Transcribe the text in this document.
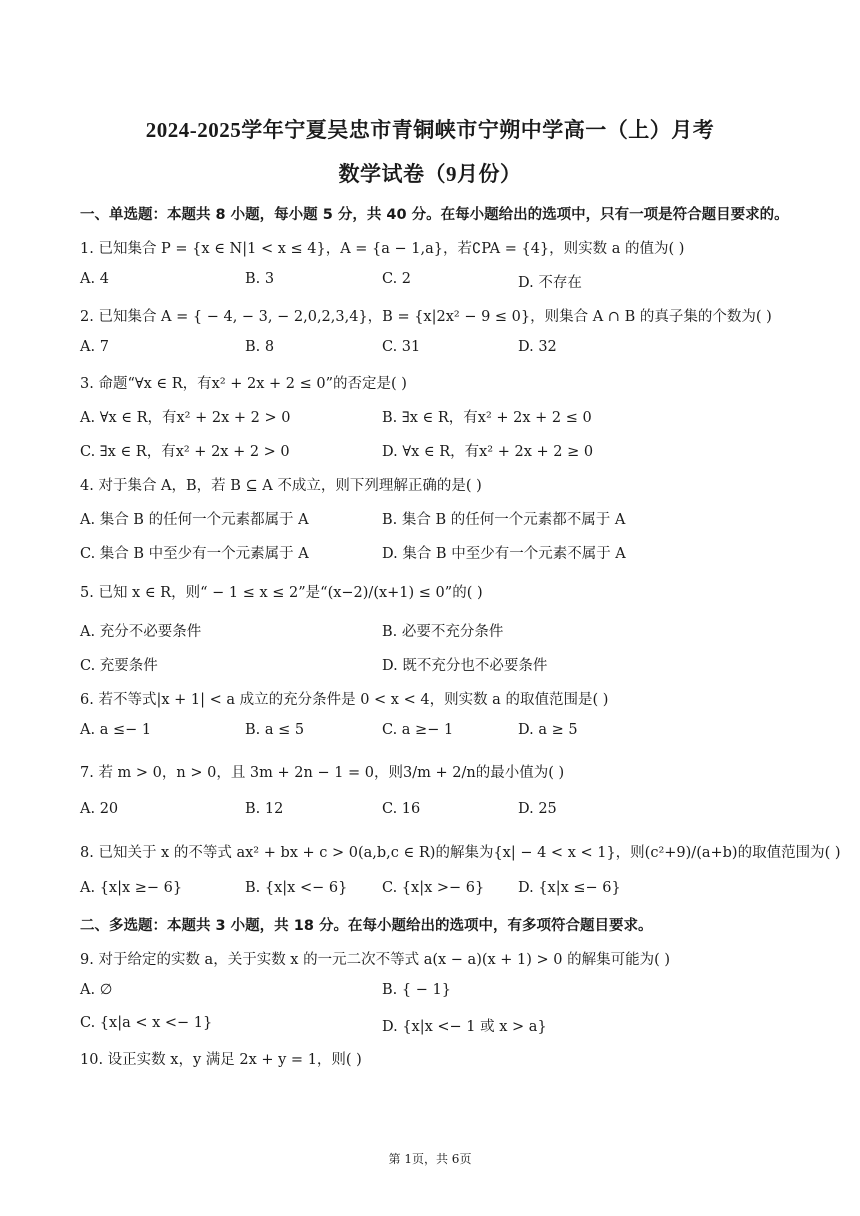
2024-2025学年宁夏吴忠市青铜峡市宁朔中学高一（上）月考
数学试卷（9月份）
一、单选题：本题共 8 小题，每小题 5 分，共 40 分。在每小题给出的选项中，只有一项是符合题目要求的。
1. 已知集合 P = {x ∈ N|1 < x ≤ 4}，A = {a − 1,a}，若∁PA = {4}，则实数 a 的值为( )
A. 4	B. 3	C. 2	D. 不存在
2. 已知集合 A = { − 4, − 3, − 2,0,2,3,4}，B = {x|2x² − 9 ≤ 0}，则集合 A ∩ B 的真子集的个数为( )
A. 7	B. 8	C. 31	D. 32
3. 命题“∀x ∈ R，有x² + 2x + 2 ≤ 0”的否定是( )
A. ∀x ∈ R，有x² + 2x + 2 > 0	B. ∃x ∈ R，有x² + 2x + 2 ≤ 0
C. ∃x ∈ R，有x² + 2x + 2 > 0	D. ∀x ∈ R，有x² + 2x + 2 ≥ 0
4. 对于集合 A，B，若 B ⊆ A 不成立，则下列理解正确的是( )
A. 集合 B 的任何一个元素都属于 A	B. 集合 B 的任何一个元素都不属于 A
C. 集合 B 中至少有一个元素属于 A	D. 集合 B 中至少有一个元素不属于 A
5. 已知 x ∈ R，则“ − 1 ≤ x ≤ 2”是“(x−2)/(x+1) ≤ 0”的( )
A. 充分不必要条件	B. 必要不充分条件
C. 充要条件	D. 既不充分也不必要条件
6. 若不等式|x + 1| < a 成立的充分条件是 0 < x < 4，则实数 a 的取值范围是( )
A. a ≤− 1	B. a ≤ 5	C. a ≥− 1	D. a ≥ 5
7. 若 m > 0，n > 0，且 3m + 2n − 1 = 0，则3/m + 2/n的最小值为( )
A. 20	B. 12	C. 16	D. 25
8. 已知关于 x 的不等式 ax² + bx + c > 0(a,b,c ∈ R)的解集为{x| − 4 < x < 1}，则(c²+9)/(a+b)的取值范围为( )
A. {x|x ≥− 6}	B. {x|x <− 6} C. {x|x >− 6} D. {x|x ≤− 6}
二、多选题：本题共 3 小题，共 18 分。在每小题给出的选项中，有多项符合题目要求。
9. 对于给定的实数 a，关于实数 x 的一元二次不等式 a(x − a)(x + 1) > 0 的解集可能为( )
A. ∅	B. { − 1}
C. {x|a < x <− 1}	D. {x|x <− 1 或 x > a}
10. 设正实数 x，y 满足 2x + y = 1，则( )
第 1页，共 6页
